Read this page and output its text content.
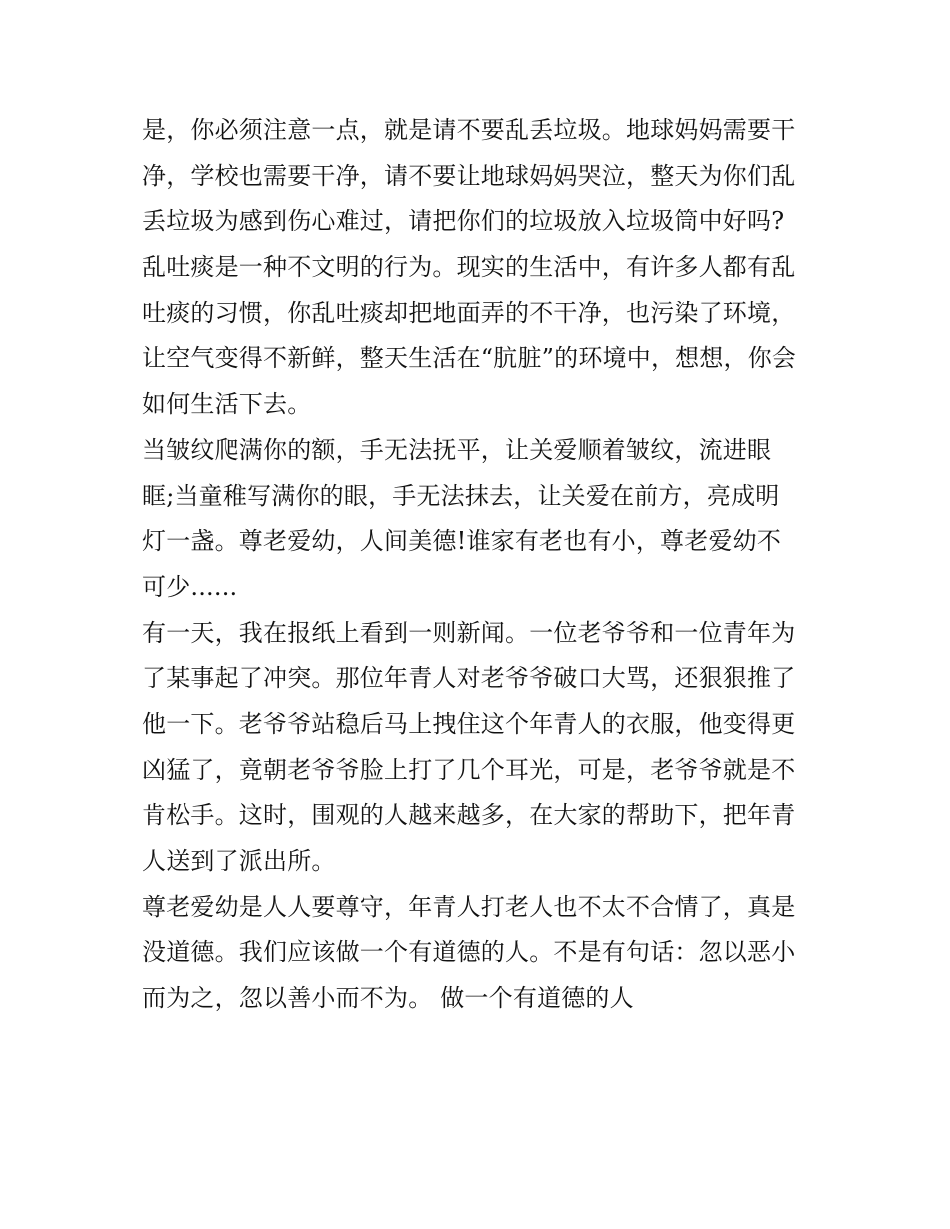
是，你必须注意一点，就是请不要乱丢垃圾。地球妈妈需要干
净，学校也需要干净，请不要让地球妈妈哭泣，整天为你们乱
丢垃圾为感到伤心难过，请把你们的垃圾放入垃圾筒中好吗?
乱吐痰是一种不文明的行为。现实的生活中，有许多人都有乱
吐痰的习惯，你乱吐痰却把地面弄的不干净，也污染了环境，
让空气变得不新鲜，整天生活在“肮脏”的环境中，想想，你会
如何生活下去。
当皱纹爬满你的额，手无法抚平，让关爱顺着皱纹，流进眼
眶;当童稚写满你的眼，手无法抹去，让关爱在前方，亮成明
灯一盏。尊老爱幼，人间美德!谁家有老也有小，尊老爱幼不
可少......
有一天，我在报纸上看到一则新闻。一位老爷爷和一位青年为
了某事起了冲突。那位年青人对老爷爷破口大骂，还狠狠推了
他一下。老爷爷站稳后马上拽住这个年青人的衣服，他变得更
凶猛了，竟朝老爷爷脸上打了几个耳光，可是，老爷爷就是不
肯松手。这时，围观的人越来越多，在大家的帮助下，把年青
人送到了派出所。
尊老爱幼是人人要尊守，年青人打老人也不太不合情了，真是
没道德。我们应该做一个有道德的人。不是有句话：忽以恶小
而为之，忽以善小而不为。 做一个有道德的人
